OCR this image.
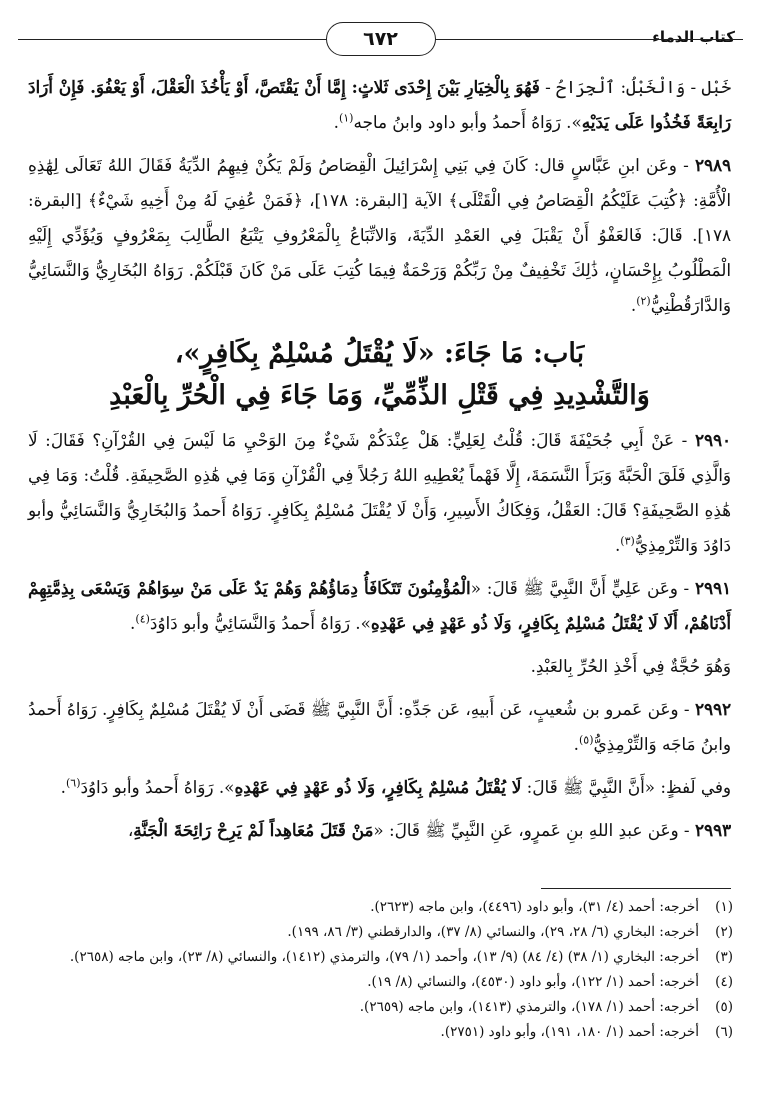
كتاب الدماء
٦٧٢

خَبْل - وَالْخَبْلُ: ٱلْجِرَاحُ - فَهُوَ بِالْخِيَارِ بَيْنَ إِحْدَى ثَلاثٍ: إِمَّا أَنْ يَقْتَصَّ، أَوْ يَأْخُذَ الْعَقْلَ، أَوْ يَعْفُوَ. فَإِنْ أَرَادَ رَابِعَةً فَخُذُوا عَلَى يَدَيْهِ». رَوَاهُ أَحمدُ وأبو داود وابنُ ماجه$^{(١)}$.

٢٩٨٩ - وعَن ابنِ عَبَّاسٍ قال: كَانَ فِي بَنِي إِسْرَائِيلَ الْقِصَاصُ وَلَمْ يَكُنْ فِيهِمُ الدِّيَةُ فَقَالَ اللهُ تَعَالَى لِهَٰذِهِ الْأُمَّةِ: ﴿كُتِبَ عَلَيْكُمُ الْقِصَاصُ فِي الْقَتْلَى﴾ الآية [البقرة: ١٧٨]، ﴿فَمَنْ عُفِيَ لَهُ مِنْ أَخِيهِ شَيْءٌ﴾ [البقرة: ١٧٨]. قَالَ: فَالعَفْوُ أَنْ يَقْبَلَ فِي العَمْدِ الدِّيَةَ، وَالاتِّبَاعُ بِالْمَعْرُوفِ يَتْبَعُ الطَّالِبَ بِمَعْرُوفٍ وَيُؤَدِّي إِلَيْهِ الْمَطْلُوبُ بِإِحْسَانٍ، ذَٰلِكَ تَخْفِيفٌ مِنْ رَبِّكُمْ وَرَحْمَةٌ فِيمَا كُتِبَ عَلَى مَنْ كَانَ قَبْلَكُمْ. رَوَاهُ البُخَارِيُّ وَالنَّسَائِيُّ وَالدَّارَقُطْنِيُّ$^{(٢)}$.

بَاب: مَا جَاءَ: «لَا يُقْتَلُ مُسْلِمٌ بِكَافِرٍ»،
وَالتَّشْدِيدِ فِي قَتْلِ الذِّمِّيِّ، وَمَا جَاءَ فِي الْحُرِّ بِالْعَبْدِ

٢٩٩٠ - عَنْ أَبِي جُحَيْفَةَ قَالَ: قُلْتُ لِعَلِيٍّ: هَلْ عِنْدَكُمْ شَيْءٌ مِنَ الوَحْيِ مَا لَيْسَ فِي القُرْآنِ؟ فَقَالَ: لَا وَالَّذِي فَلَقَ الْحَبَّةَ وَبَرَأَ النَّسَمَةَ، إِلَّا فَهْماً يُعْطِيهِ اللهُ رَجُلاً فِي الْقُرْآنِ وَمَا فِي هَٰذِهِ الصَّحِيفَةِ. قُلْتُ: وَمَا فِي هَٰذِهِ الصَّحِيفَةِ؟ قَالَ: العَقْلُ، وَفِكَاكُ الأَسِيرِ، وَأَنْ لَا يُقْتَلَ مُسْلِمٌ بِكَافِرٍ. رَوَاهُ أَحمدُ وَالبُخَارِيُّ وَالنَّسَائِيُّ وأبو دَاوُدَ وَالتِّرْمِذِيُّ$^{(٣)}$.

٢٩٩١ - وعَن عَلِيٍّ أَنَّ النَّبِيَّ ﷺ قَالَ: «الْمُؤْمِنُونَ تَتَكَافَأُ دِمَاؤُهُمْ وَهُمْ يَدٌ عَلَى مَنْ سِوَاهُمْ وَيَسْعَى بِذِمَّتِهِمْ أَدْنَاهُمْ، أَلَا لَا يُقْتَلُ مُسْلِمٌ بِكَافِرٍ، وَلَا ذُو عَهْدٍ فِي عَهْدِهِ». رَوَاهُ أَحمدُ وَالنَّسَائِيُّ وأبو دَاوُدَ$^{(٤)}$.

وَهُوَ حُجَّةٌ فِي أَخْذِ الحُرِّ بِالعَبْدِ.

٢٩٩٢ - وعَن عَمرو بن شُعيبٍ، عَن أَبيهِ، عَن جَدِّهِ: أَنَّ النَّبِيَّ ﷺ قَضَى أَنْ لَا يُقْتَلَ مُسْلِمٌ بِكَافِرٍ. رَوَاهُ أَحمدُ وابنُ مَاجَه وَالتِّرْمِذِيُّ$^{(٥)}$.

وفي لَفظٍ: «أَنَّ النَّبِيَّ ﷺ قَالَ: لَا يُقْتَلُ مُسْلِمٌ بِكَافِرٍ، وَلَا ذُو عَهْدٍ فِي عَهْدِهِ». رَوَاهُ أَحمدُ وأبو دَاوُدَ$^{(٦)}$.

٢٩٩٣ - وعَن عبدِ اللهِ بنِ عَمرٍو، عَنِ النَّبِيِّ ﷺ قَالَ: «مَنْ قَتَلَ مُعَاهِداً لَمْ يَرِحْ رَائِحَةَ الْجَنَّةِ،

(١)
أخرجه: أحمد (٤/ ٣١)، وأبو داود (٤٤٩٦)، وابن ماجه (٢٦٢٣).
(٢)
أخرجه: البخاري (٦/ ٢٨، ٢٩)، والنسائي (٨/ ٣٧)، والدارقطني (٣/ ٨٦، ١٩٩).
(٣)
أخرجه: البخاري (١/ ٣٨) (٤/ ٨٤) (٩/ ١٣)، وأحمد (١/ ٧٩)، والترمذي (١٤١٢)، والنسائي (٨/ ٢٣)، وابن ماجه (٢٦٥٨).
(٤)
أخرجه: أحمد (١/ ١٢٢)، وأبو داود (٤٥٣٠)، والنسائي (٨/ ١٩).
(٥)
أخرجه: أحمد (١/ ١٧٨)، والترمذي (١٤١٣)، وابن ماجه (٢٦٥٩).
(٦)
أخرجه: أحمد (١/ ١٨٠، ١٩١)، وأبو داود (٢٧٥١).
